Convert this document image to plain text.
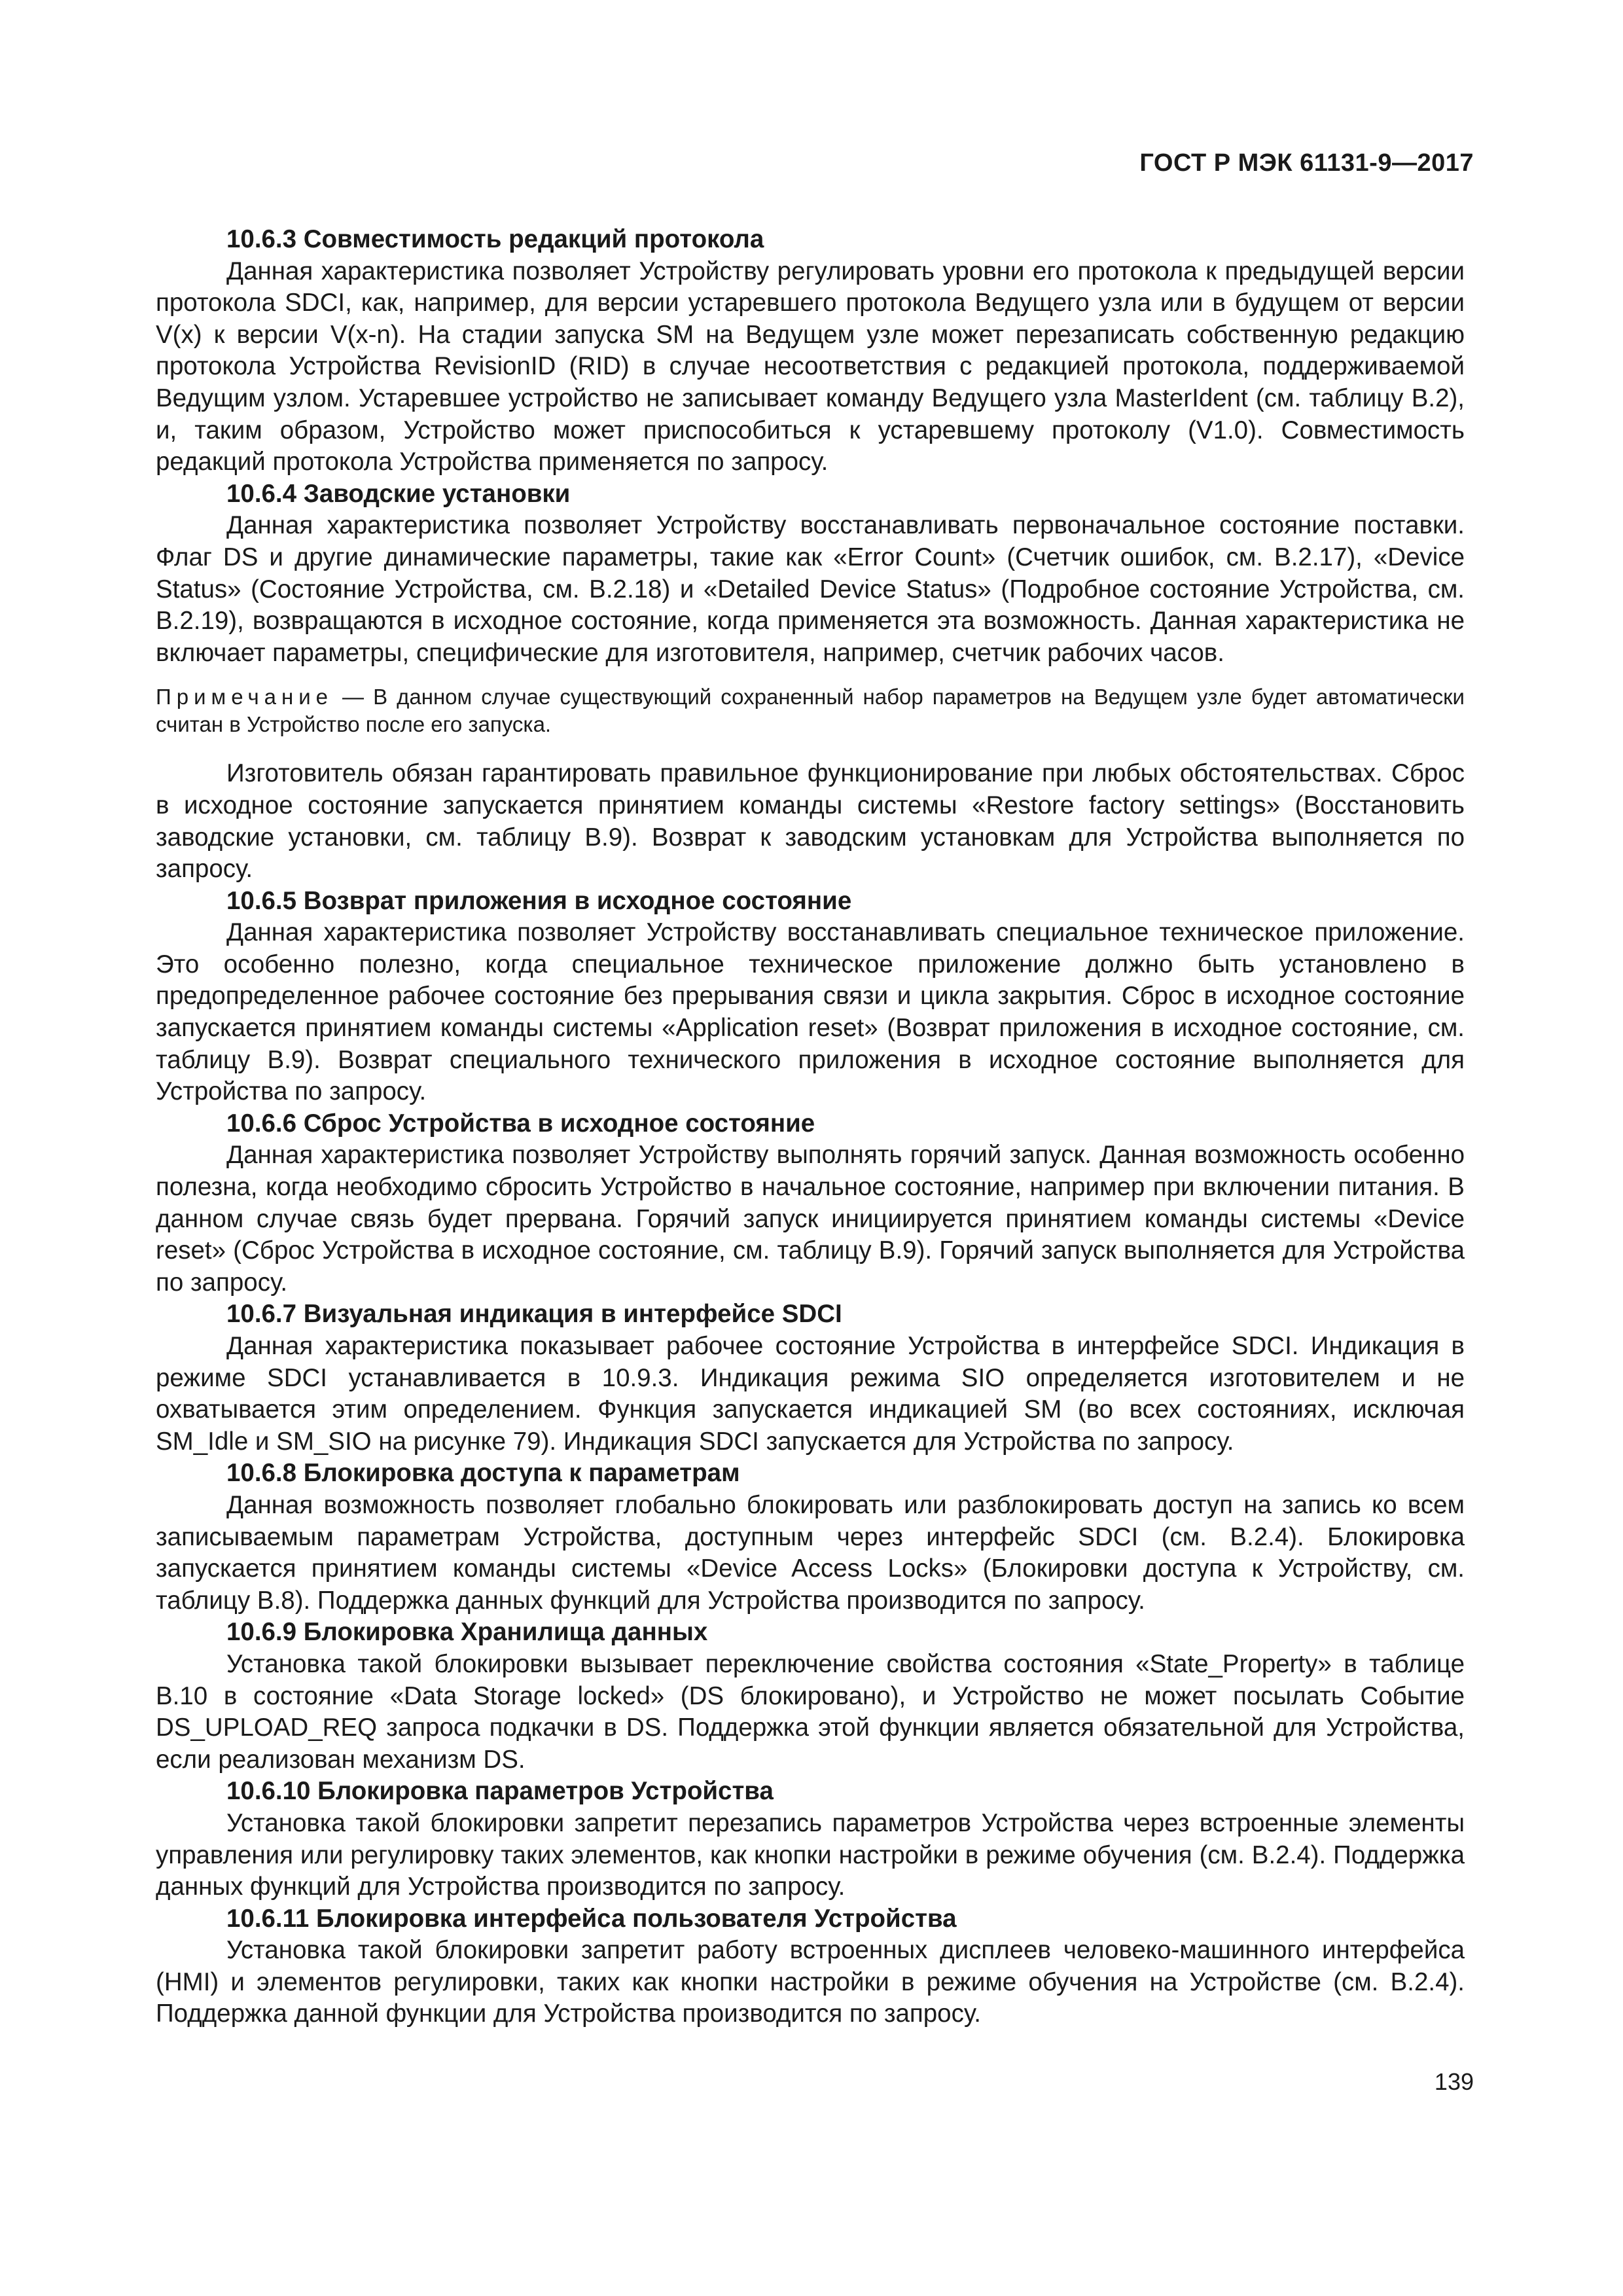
ГОСТ Р МЭК 61131-9—2017
10.6.3 Совместимость редакций протокола

Данная характеристика позволяет Устройству регулировать уровни его протокола к предыдущей версии протокола SDCI, как, например, для версии устаревшего протокола Ведущего узла или в будущем от версии V(x) к версии V(x-n). На стадии запуска SM на Ведущем узле может перезаписать собственную редакцию протокола Устройства RevisionID (RID) в случае несоответствия с редакцией протокола, поддерживаемой Ведущим узлом. Устаревшее устройство не записывает команду Ведущего узла MasterIdent (см. таблицу В.2), и, таким образом, Устройство может приспособиться к устаревшему протоколу (V1.0). Совместимость редакций протокола Устройства применяется по запросу.

10.6.4 Заводские установки

Данная характеристика позволяет Устройству восстанавливать первоначальное состояние поставки. Флаг DS и другие динамические параметры, такие как «Error Count» (Счетчик ошибок, см. В.2.17), «Device Status» (Состояние Устройства, см. В.2.18) и «Detailed Device Status» (Подробное состояние Устройства, см. В.2.19), возвращаются в исходное состояние, когда применяется эта возможность. Данная характеристика не включает параметры, специфические для изготовителя, например, счетчик рабочих часов.

Примечание — В данном случае существующий сохраненный набор параметров на Ведущем узле будет автоматически считан в Устройство после его запуска.

Изготовитель обязан гарантировать правильное функционирование при любых обстоятельствах. Сброс в исходное состояние запускается принятием команды системы «Restore factory settings» (Восстановить заводские установки, см. таблицу В.9). Возврат к заводским установкам для Устройства выполняется по запросу.

10.6.5 Возврат приложения в исходное состояние

Данная характеристика позволяет Устройству восстанавливать специальное техническое приложение. Это особенно полезно, когда специальное техническое приложение должно быть установлено в предопределенное рабочее состояние без прерывания связи и цикла закрытия. Сброс в исходное состояние запускается принятием команды системы «Application reset» (Возврат приложения в исходное состояние, см. таблицу В.9). Возврат специального технического приложения в исходное состояние выполняется для Устройства по запросу.

10.6.6 Сброс Устройства в исходное состояние

Данная характеристика позволяет Устройству выполнять горячий запуск. Данная возможность особенно полезна, когда необходимо сбросить Устройство в начальное состояние, например при включении питания. В данном случае связь будет прервана. Горячий запуск инициируется принятием команды системы «Device reset» (Сброс Устройства в исходное состояние, см. таблицу В.9). Горячий запуск выполняется для Устройства по запросу.

10.6.7 Визуальная индикация в интерфейсе SDCI

Данная характеристика показывает рабочее состояние Устройства в интерфейсе SDCI. Индикация в режиме SDCI устанавливается в 10.9.3. Индикация режима SIO определяется изготовителем и не охватывается этим определением. Функция запускается индикацией SM (во всех состояниях, исключая SM_Idle и SM_SIO на рисунке 79). Индикация SDCI запускается для Устройства по запросу.

10.6.8 Блокировка доступа к параметрам

Данная возможность позволяет глобально блокировать или разблокировать доступ на запись ко всем записываемым параметрам Устройства, доступным через интерфейс SDCI (см. В.2.4). Блокировка запускается принятием команды системы «Device Access Locks» (Блокировки доступа к Устройству, см. таблицу В.8). Поддержка данных функций для Устройства производится по запросу.

10.6.9 Блокировка Хранилища данных

Установка такой блокировки вызывает переключение свойства состояния «State_Property» в таблице В.10 в состояние «Data Storage locked» (DS блокировано), и Устройство не может посылать Событие DS_UPLOAD_REQ запроса подкачки в DS. Поддержка этой функции является обязательной для Устройства, если реализован механизм DS.

10.6.10 Блокировка параметров Устройства

Установка такой блокировки запретит перезапись параметров Устройства через встроенные элементы управления или регулировку таких элементов, как кнопки настройки в режиме обучения (см. В.2.4). Поддержка данных функций для Устройства производится по запросу.

10.6.11 Блокировка интерфейса пользователя Устройства

Установка такой блокировки запретит работу встроенных дисплеев человеко-машинного интерфейса (HMI) и элементов регулировки, таких как кнопки настройки в режиме обучения на Устройстве (см. В.2.4). Поддержка данной функции для Устройства производится по запросу.

139
